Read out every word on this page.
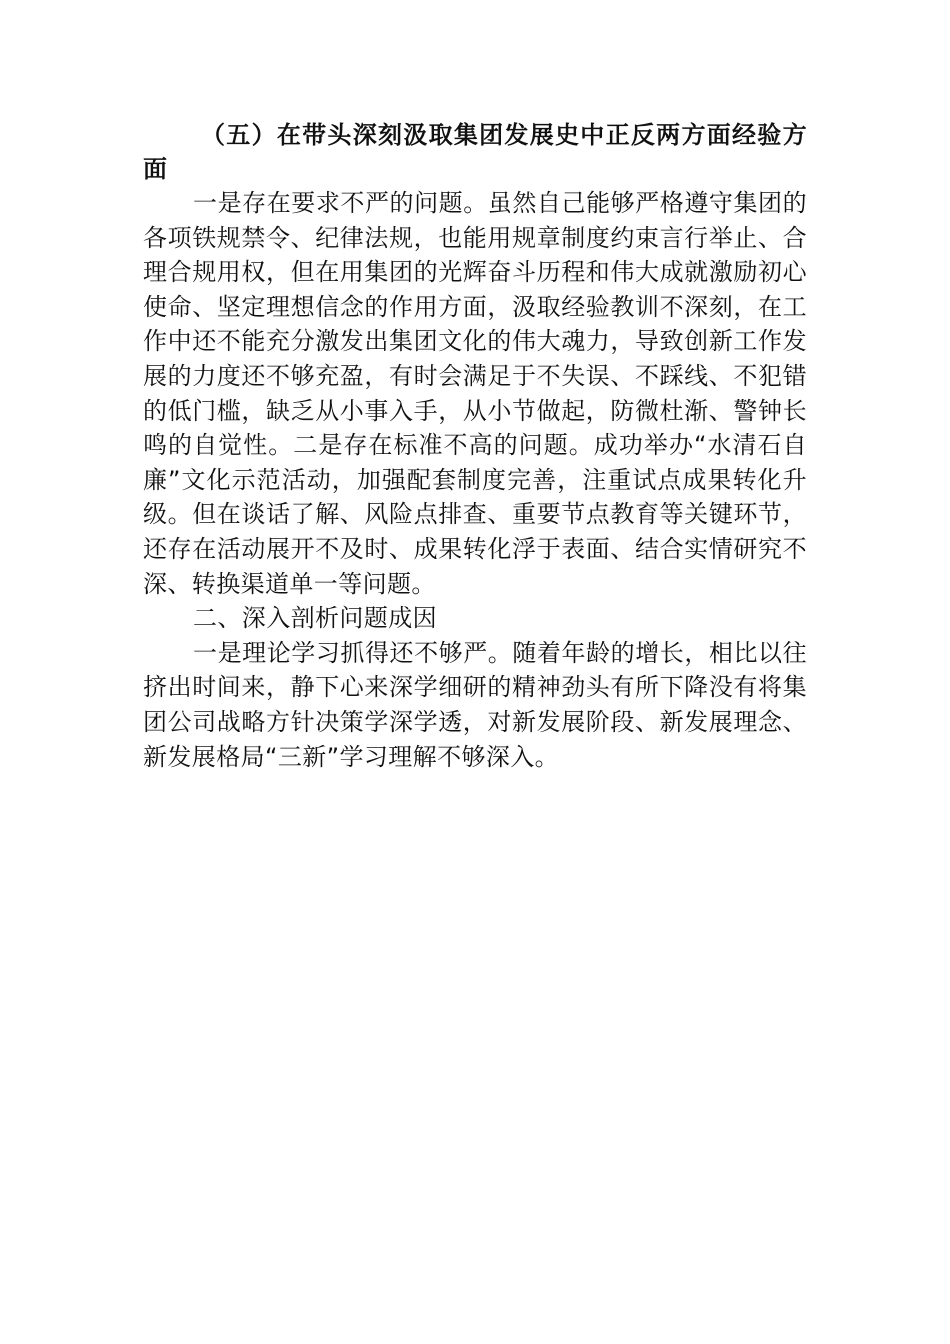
（五）在带头深刻汲取集团发展史中正反两方面经验方面

一是存在要求不严的问题。虽然自己能够严格遵守集团的各项铁规禁令、纪律法规，也能用规章制度约束言行举止、合理合规用权，但在用集团的光辉奋斗历程和伟大成就激励初心使命、坚定理想信念的作用方面，汲取经验教训不深刻，在工作中还不能充分激发出集团文化的伟大魂力，导致创新工作发展的力度还不够充盈，有时会满足于不失误、不踩线、不犯错的低门槛，缺乏从小事入手，从小节做起，防微杜渐、警钟长鸣的自觉性。二是存在标准不高的问题。成功举办“水清石自廉”文化示范活动，加强配套制度完善，注重试点成果转化升级。但在谈话了解、风险点排查、重要节点教育等关键环节，还存在活动展开不及时、成果转化浮于表面、结合实情研究不深、转换渠道单一等问题。

二、深入剖析问题成因

一是理论学习抓得还不够严。随着年龄的增长，相比以往挤出时间来，静下心来深学细研的精神劲头有所下降没有将集团公司战略方针决策学深学透，对新发展阶段、新发展理念、新发展格局“三新”学习理解不够深入。
